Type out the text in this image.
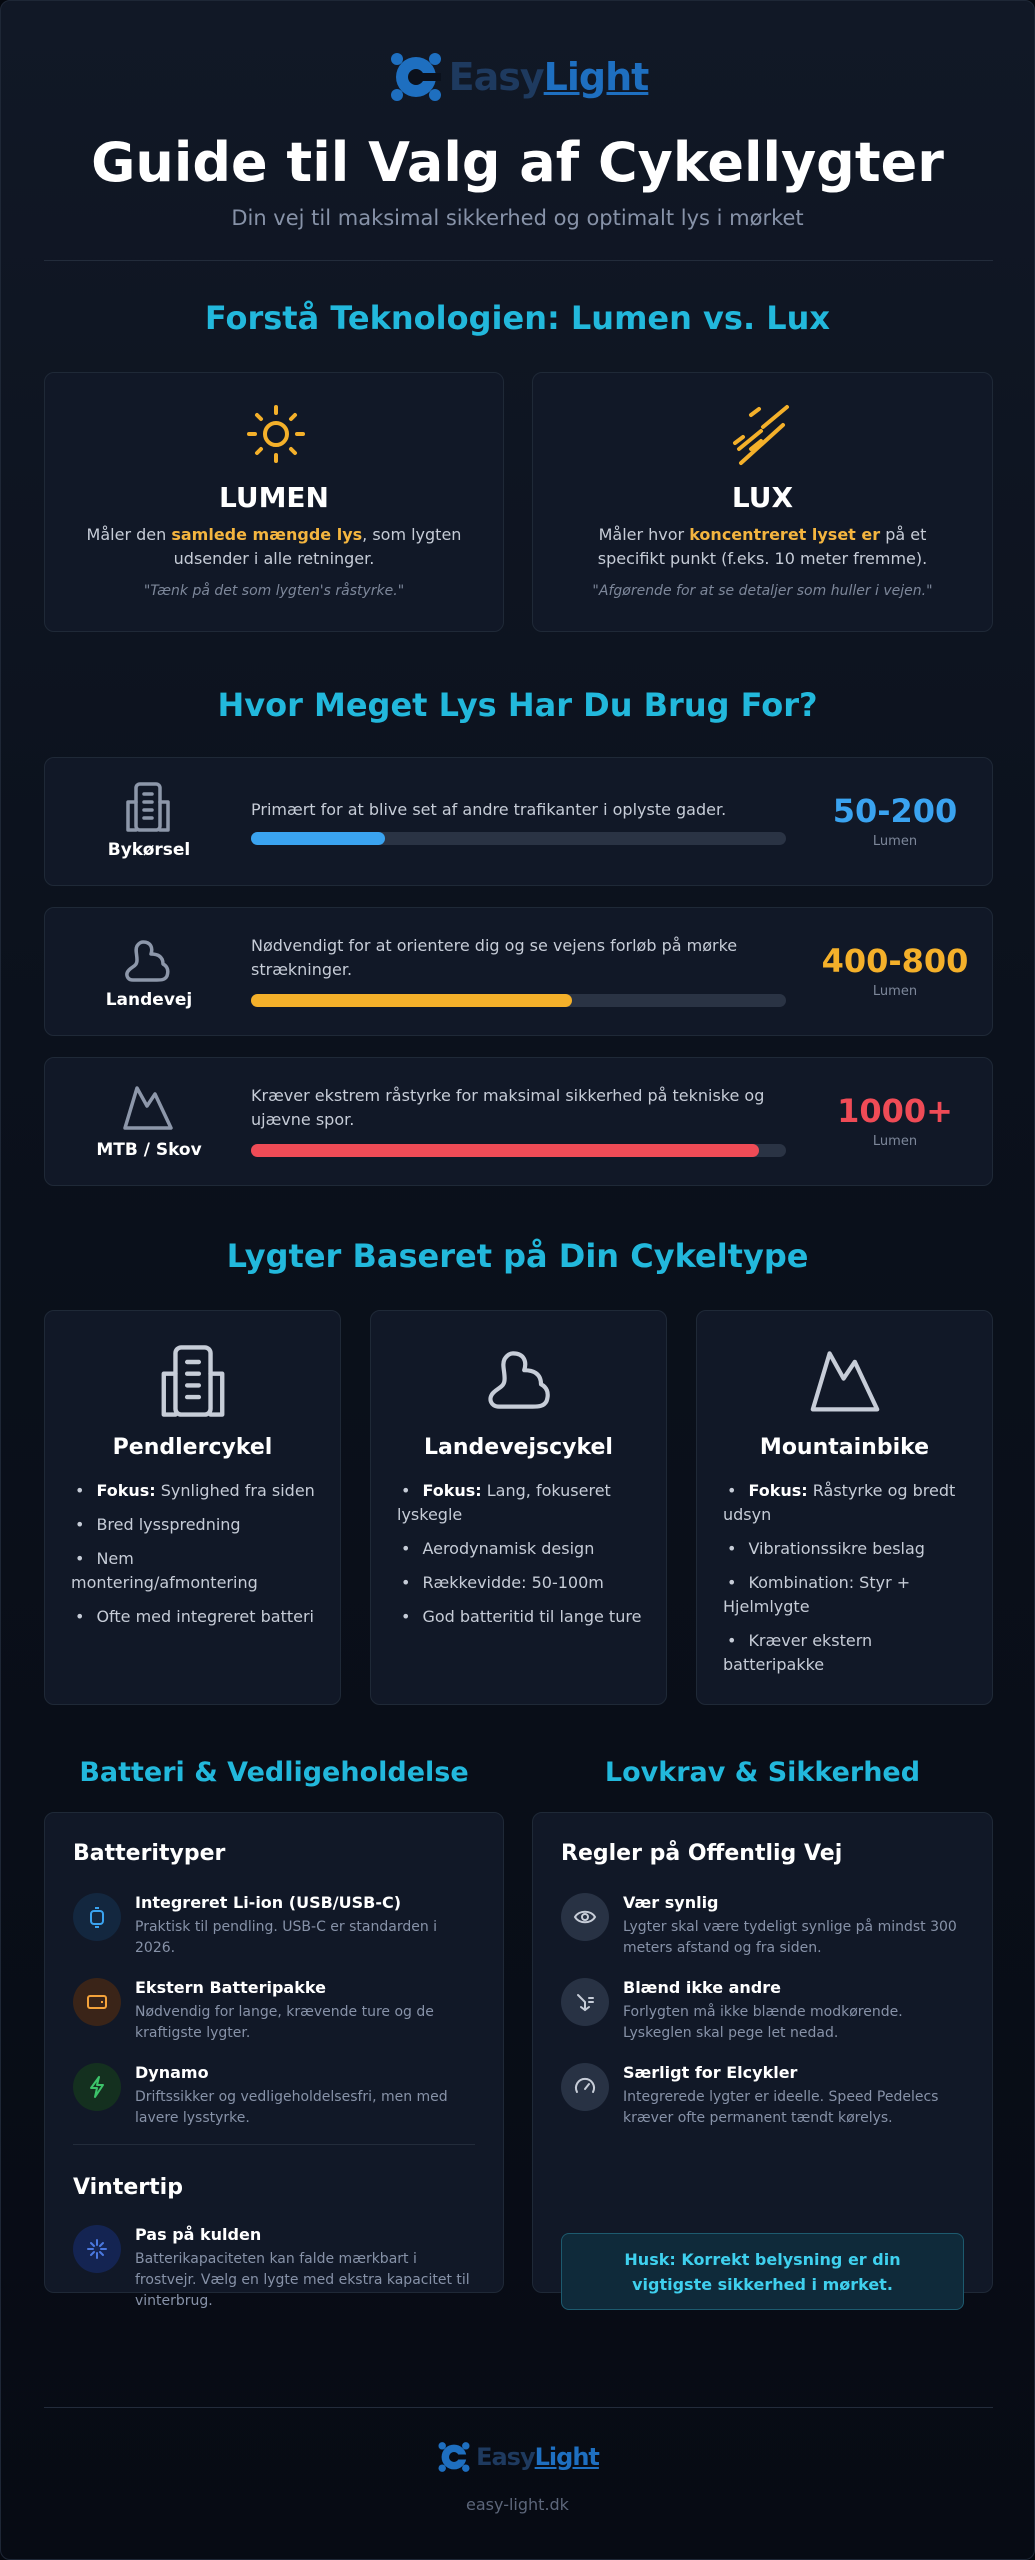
EasyLight
Guide til Valg af Cykellygter
Din vej til maksimal sikkerhed og optimalt lys i mørket
Forstå Teknologien: Lumen vs. Lux
LUMEN
Måler den samlede mængde lys, som lygten udsender i alle retninger.
"Tænk på det som lygten's råstyrke."
LUX
Måler hvor koncentreret lyset er på et specifikt punkt (f.eks. 10 meter fremme).
"Afgørende for at se detaljer som huller i vejen."
Hvor Meget Lys Har Du Brug For?
Bykørsel
Primært for at blive set af andre trafikanter i oplyste gader.	50-200
Lumen
Landevej
Nødvendigt for at orientere dig og se vejens forløb på mørke strækninger.	400-800
Lumen
MTB / Skov
Kræver ekstrem råstyrke for maksimal sikkerhed på tekniske og ujævne spor.	1000+
Lumen
Lygter Baseret på Din Cykeltype
Pendlercykel
• Fokus: Synlighed fra siden
• Bred lysspredning
• Nem montering/afmontering
• Ofte med integreret batteri
Landevejscykel
• Fokus: Lang, fokuseret lyskegle
• Aerodynamisk design
• Rækkevidde: 50-100m
• God batteritid til lange ture
Mountainbike
• Fokus: Råstyrke og bredt udsyn
• Vibrationssikre beslag
• Kombination: Styr + Hjelmlygte
• Kræver ekstern batteripakke
Batteri & Vedligeholdelse	Lovkrav & Sikkerhed
Batterityper
Integreret Li-ion (USB/USB-C)
Praktisk til pendling. USB-C er standarden i 2026.
Ekstern Batteripakke
Nødvendig for lange, krævende ture og de kraftigste lygter.
Dynamo
Driftssikker og vedligeholdelsesfri, men med lavere lysstyrke.
Vintertip
Pas på kulden
Batterikapaciteten kan falde mærkbart i frostvejr. Vælg en lygte med ekstra kapacitet til vinterbrug.
Regler på Offentlig Vej
Vær synlig
Lygter skal være tydeligt synlige på mindst 300 meters afstand og fra siden.
Blænd ikke andre
Forlygten må ikke blænde modkørende. Lyskeglen skal pege let nedad.
Særligt for Elcykler
Integrerede lygter er ideelle. Speed Pedelecs kræver ofte permanent tændt kørelys.
Husk: Korrekt belysning er din vigtigste sikkerhed i mørket.
EasyLight
easy-light.dk
